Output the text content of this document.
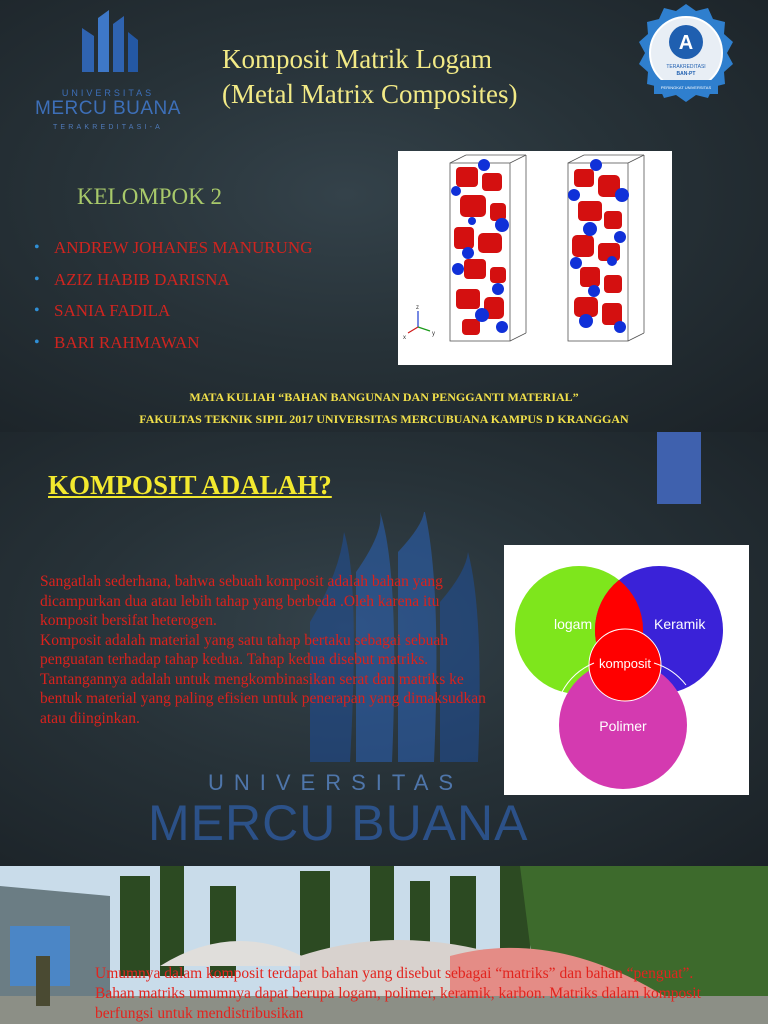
UNIVERSITAS
MERCU BUANA
TERAKREDITASI-A
Komposit Matrik Logam
(Metal Matrix Composites)
A
TERAKREDITASI
BAN-PT
PERINGKAT UNIVERSITAS
KELOMPOK 2
• ANDREW JOHANES MANURUNG
• AZIZ HABIB DARISNA
• SANIA FADILA
• BARI RAHMAWAN
z
x
y
MATA KULIAH “BAHAN BANGUNAN DAN PENGGANTI MATERIAL”
FAKULTAS TEKNIK SIPIL 2017 UNIVERSITAS MERCUBUANA KAMPUS D KRANGGAN
UNIVERSITAS
MERCU BUANA
KOMPOSIT ADALAH?

Sangatlah sederhana, bahwa sebuah komposit adalah bahan yang dicampurkan dua atau lebih tahap yang berbeda .Oleh karena itu komposit bersifat heterogen.

Komposit adalah material yang satu tahap bertaku sebagai sebuah penguatan terhadap tahap kedua. Tahap kedua disebut matriks.

Tantangannya adalah untuk mengkombinasikan serat dan matriks ke bentuk material yang paling efisien untuk penerapan yang dimaksudkan atau diinginkan.

logam	Keramik
komposit
Polimer
Umumnya dalam komposit terdapat bahan yang disebut sebagai “matriks” dan bahan “penguat”. Bahan matriks umumnya dapat berupa logam, polimer, keramik, karbon. Matriks dalam komposit berfungsi untuk mendistribusikan
